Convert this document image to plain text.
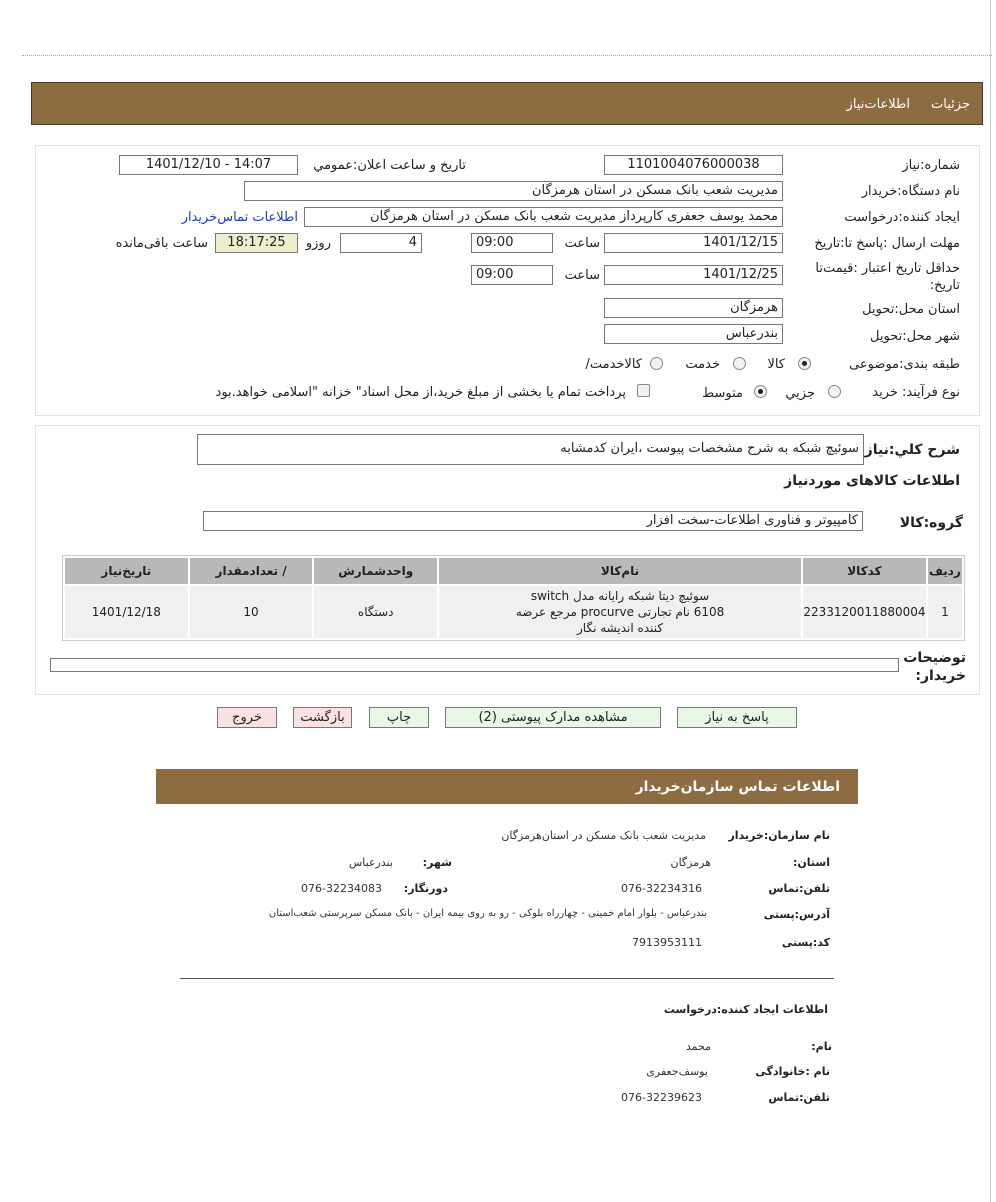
جزئیات
اطلاعات‌نیاز
شماره:نیاز
1101004076000038
تاریخ و ساعت اعلان:عمومي
1401/12/10 - 14:07
نام دستگاه:خریدار
مدیریت شعب بانک مسکن در استان هرمزگان
ایجاد کننده:درخواست
محمد یوسف جعفری کارپرداز مدیریت شعب بانک مسکن در استان هرمزگان
اطلاعات تماس‌خریدار
مهلت ارسال :پاسخ تا:تاریخ
1401/12/15
ساعت
09:00
4
روزو
18:17:25
ساعت باقی‌مانده
حداقل تاریخ اعتبار :قیمت‌تا
:تاریخ
1401/12/25
ساعت
09:00
استان محل:تحویل
هرمزگان
شهر محل:تحویل
بندرعباس
طبقه بندی:موضوعی
کالا
خدمت
/کالاخدمت
نوع فرآیند: خرید
جزیي
متوسط
پرداخت تمام یا بخشی از مبلغ خرید،از محل اسناد" خزانه "اسلامی خواهد.بود
شرح کلي:نیاز
سوئیچ شبکه به شرح مشخصات پیوست ،ایران کدمشابه
اطلاعات کالاهای موردنیاز
گروه:کالا
کامپیوتر و فناوری اطلاعات-سخت افزار
ردیف	کدکالا	نام‌کالا	واحدشمارش	/ تعدادمقدار	تاریخ‌نیاز
1	2233120011880004	سوئیچ دیتا شبکه رایانه مدل switch
6108 نام تجارتی procurve مرجع عرضه
کننده اندیشه نگار	دستگاه	10	1401/12/18
توضیحات
:خریدار
پاسخ به نیاز
مشاهده مدارک پیوستی (2)
چاپ
بازگشت
خروج
اطلاعات تماس سازمان‌خریدار
نام سازمان:خریدار
مدیریت شعب بانک مسکن در استان‌هرمزگان
:استان
هرمزگان
:شهر
بندرعباس
تلفن:تماس
076-32234316
:دورنگار
076-32234083
آدرس:پستی
بندرعباس - بلوار امام خمینی - چهارراه بلوکی - رو به روی بیمه ایران - بانک مسکن سرپرستی شعب‌استان
کد:پستی
7913953111
اطلاعات ایجاد کننده:درخواست
:نام
محمد
نام :خانوادگی
یوسف‌جعفری
تلفن:تماس
076-32239623
